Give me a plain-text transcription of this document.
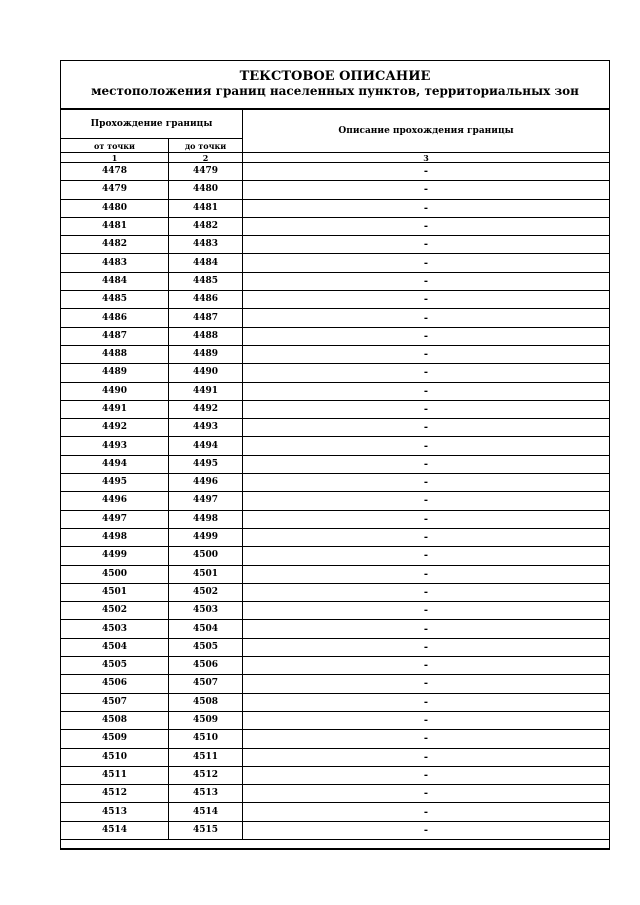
ТЕКСТОВОЕ ОПИСАНИЕ
местоположения границ населенных пунктов, территориальных зон
Прохождение границы		Описание прохождения границы
от точки	до точки	
1	2	3
4478	4479	-
4479	4480	-
4480	4481	-
4481	4482	-
4482	4483	-
4483	4484	-
4484	4485	-
4485	4486	-
4486	4487	-
4487	4488	-
4488	4489	-
4489	4490	-
4490	4491	-
4491	4492	-
4492	4493	-
4493	4494	-
4494	4495	-
4495	4496	-
4496	4497	-
4497	4498	-
4498	4499	-
4499	4500	-
4500	4501	-
4501	4502	-
4502	4503	-
4503	4504	-
4504	4505	-
4505	4506	-
4506	4507	-
4507	4508	-
4508	4509	-
4509	4510	-
4510	4511	-
4511	4512	-
4512	4513	-
4513	4514	-
4514	4515	-
